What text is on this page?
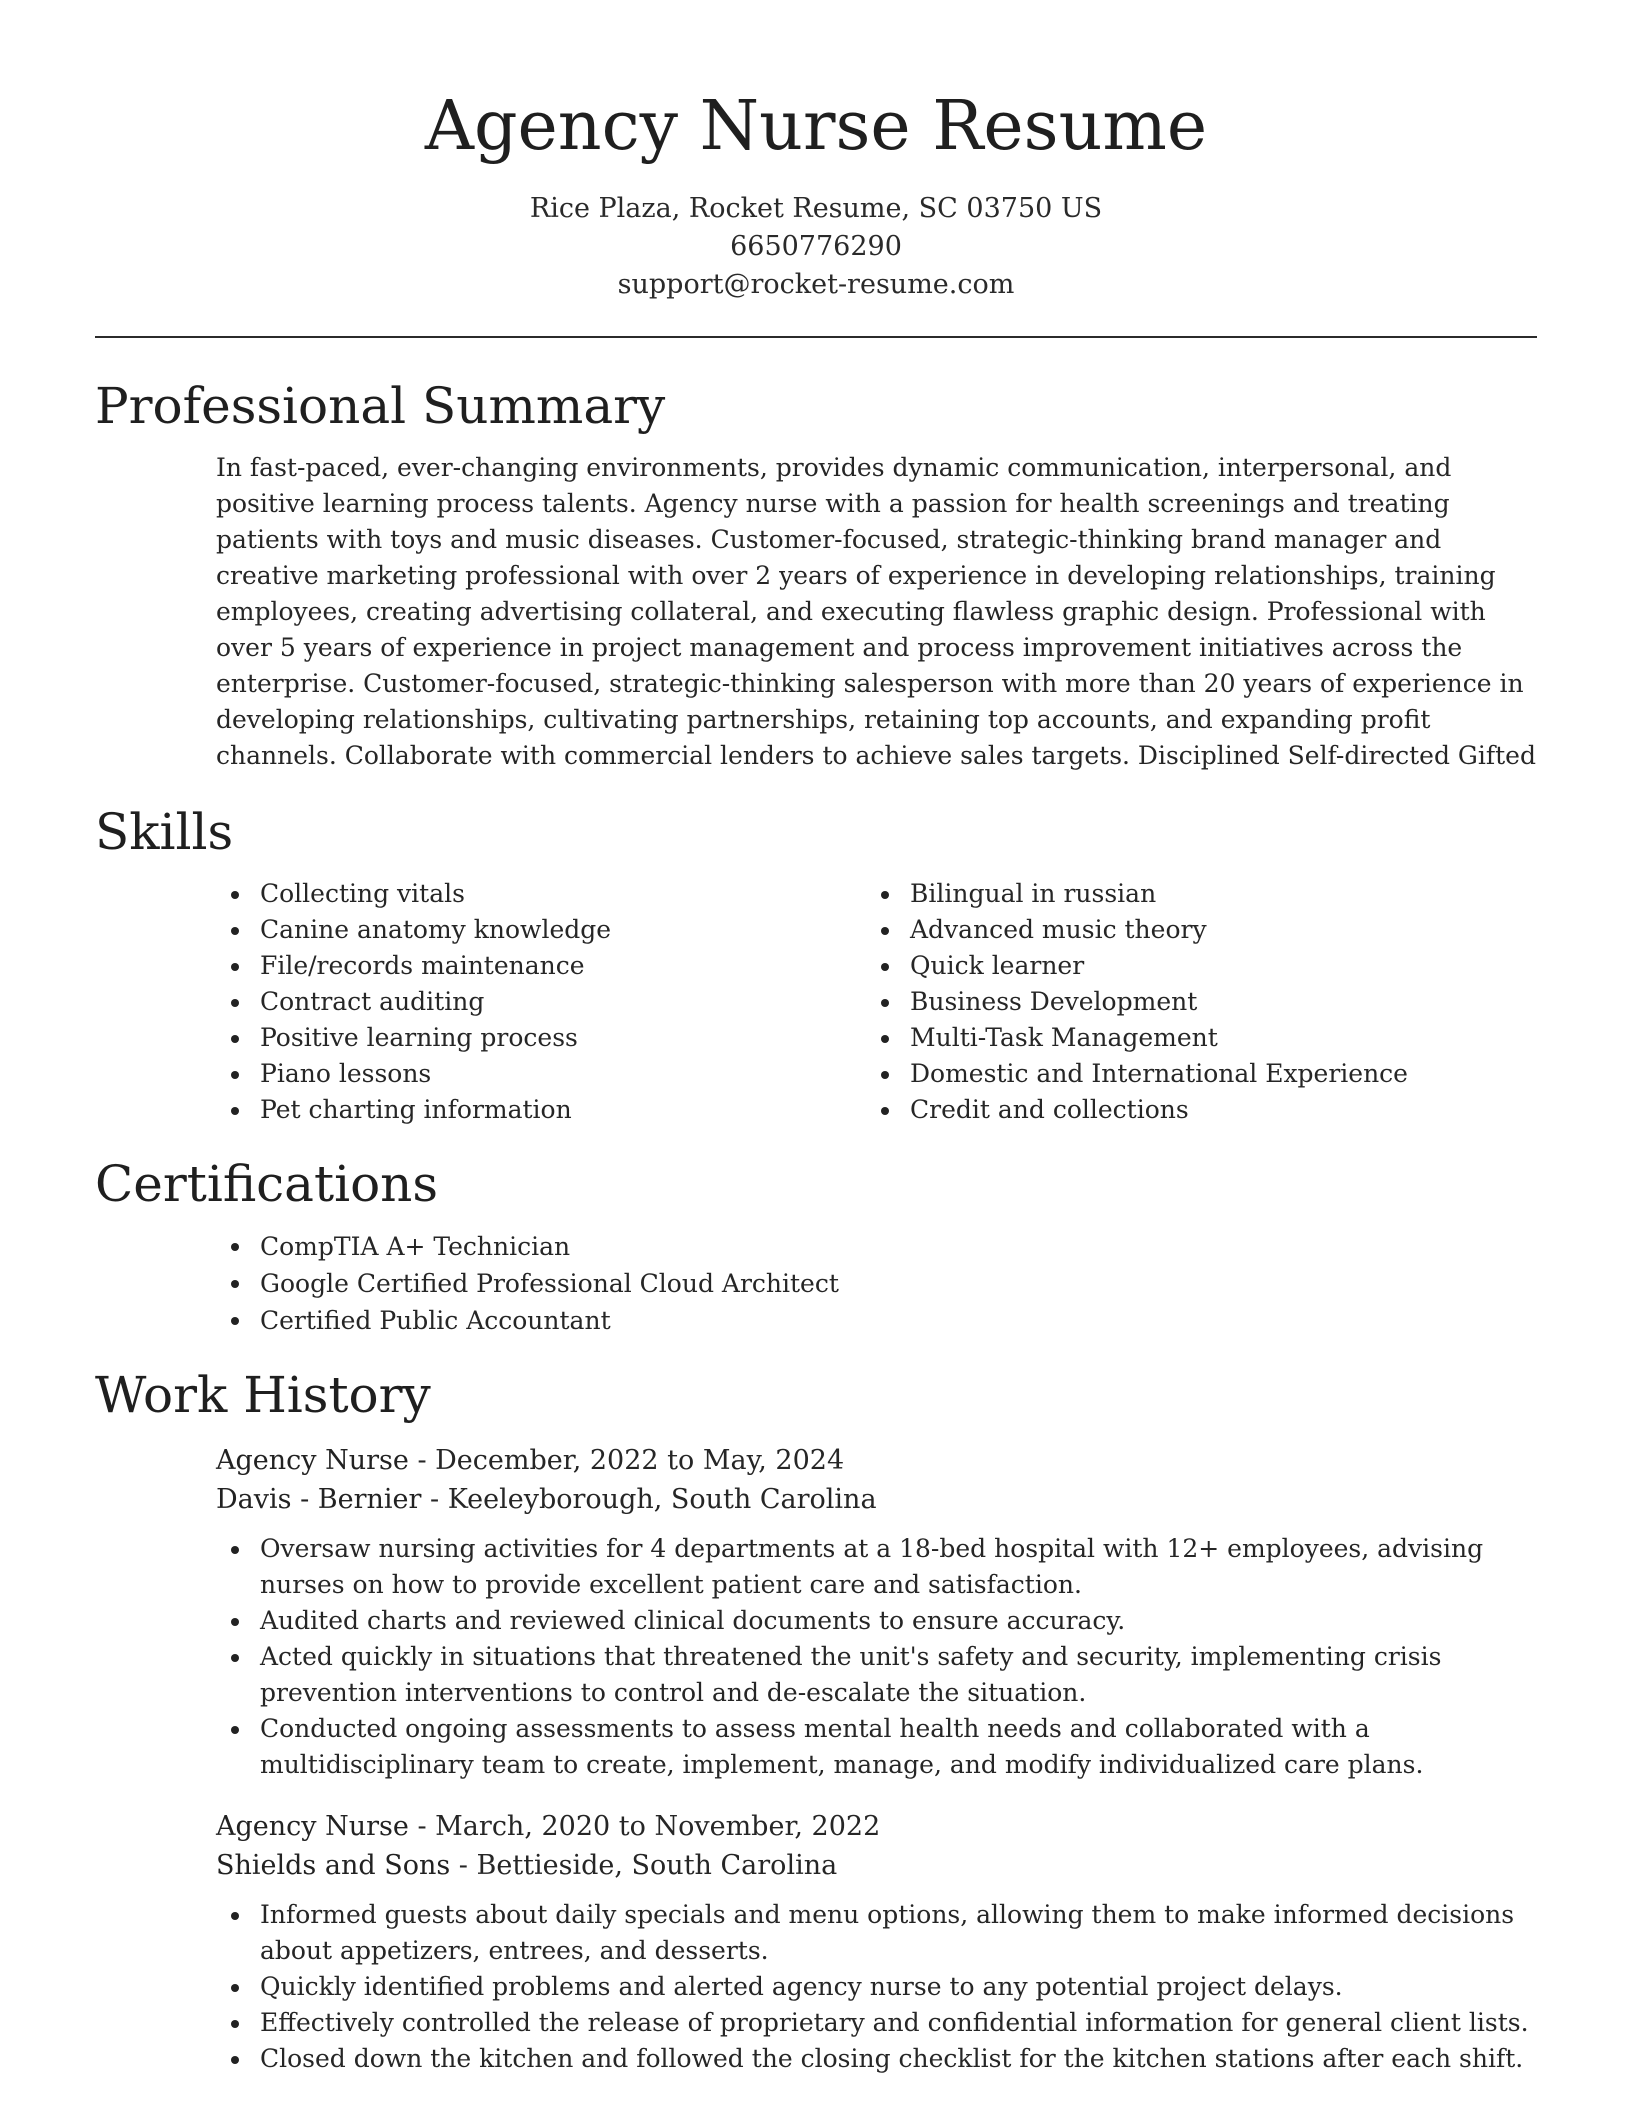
Agency Nurse Resume
Rice Plaza, Rocket Resume, SC 03750 US
6650776290
support@rocket-resume.com
Professional Summary

In fast-paced, ever-changing environments, provides dynamic communication, interpersonal, and positive learning process talents. Agency nurse with a passion for health screenings and treating patients with toys and music diseases. Customer-focused, strategic-thinking brand manager and creative marketing professional with over 2 years of experience in developing relationships, training employees, creating advertising collateral, and executing flawless graphic design. Professional with over 5 years of experience in project management and process improvement initiatives across the enterprise. Customer-focused, strategic-thinking salesperson with more than 20 years of experience in developing relationships, cultivating partnerships, retaining top accounts, and expanding profit channels. Collaborate with commercial lenders to achieve sales targets. Disciplined Self-directed Gifted

Skills
Collecting vitals
Canine anatomy knowledge
File/records maintenance
Contract auditing
Positive learning process
Piano lessons
Pet charting information
Bilingual in russian
Advanced music theory
Quick learner
Business Development
Multi-Task Management
Domestic and International Experience
Credit and collections
Certifications
CompTIA A+ Technician
Google Certified Professional Cloud Architect
Certified Public Accountant
Work History
Agency Nurse - December, 2022 to May, 2024
Davis - Bernier - Keeleyborough, South Carolina
Oversaw nursing activities for 4 departments at a 18-bed hospital with 12+ employees, advising nurses on how to provide excellent patient care and satisfaction.
Audited charts and reviewed clinical documents to ensure accuracy.
Acted quickly in situations that threatened the unit's safety and security, implementing crisis prevention interventions to control and de-escalate the situation.
Conducted ongoing assessments to assess mental health needs and collaborated with a multidisciplinary team to create, implement, manage, and modify individualized care plans.
Agency Nurse - March, 2020 to November, 2022
Shields and Sons - Bettieside, South Carolina
Informed guests about daily specials and menu options, allowing them to make informed decisions about appetizers, entrees, and desserts.
Quickly identified problems and alerted agency nurse to any potential project delays.
Effectively controlled the release of proprietary and confidential information for general client lists.
Closed down the kitchen and followed the closing checklist for the kitchen stations after each shift.
